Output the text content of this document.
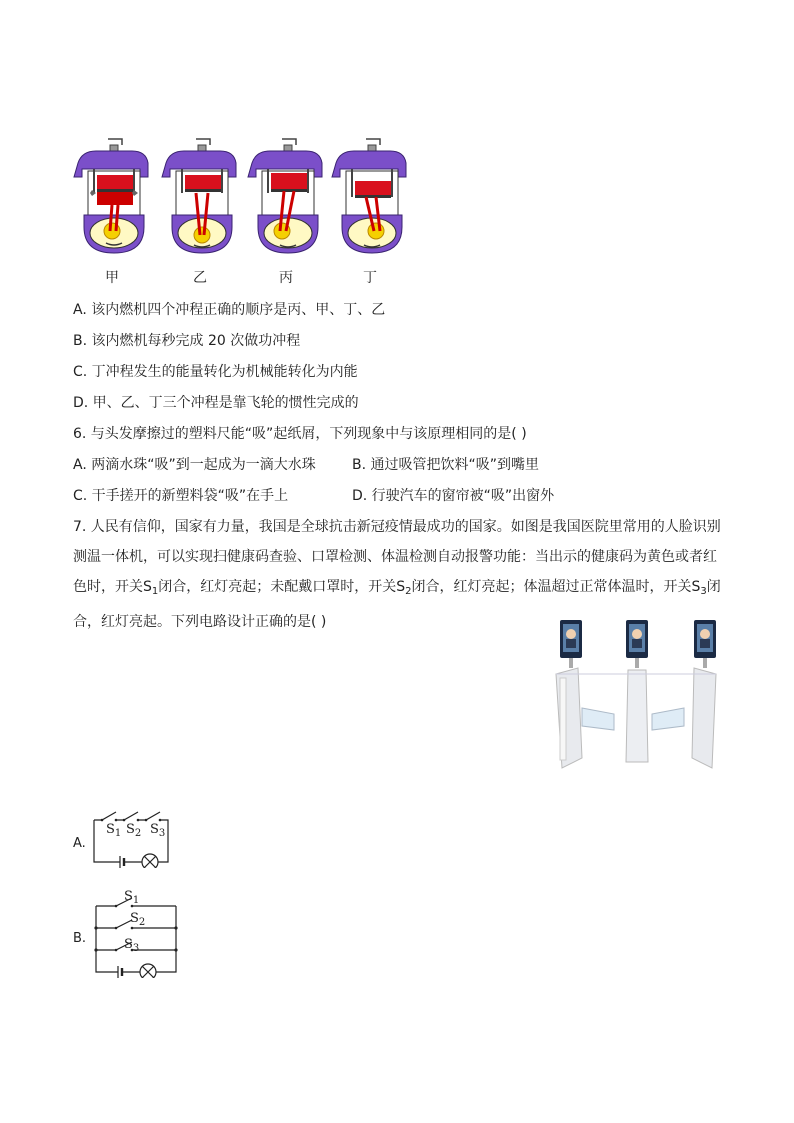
甲	乙	丙	丁
A. 该内燃机四个冲程正确的顺序是丙、甲、丁、乙
B. 该内燃机每秒完成 20 次做功冲程
C. 丁冲程发生的能量转化为机械能转化为内能
D. 甲、乙、丁三个冲程是靠飞轮的惯性完成的
6. 与头发摩擦过的塑料尺能“吸”起纸屑，下列现象中与该原理相同的是( )
A. 两滴水珠“吸”到一起成为一滴大水珠	B. 通过吸管把饮料“吸”到嘴里
C. 干手搓开的新塑料袋“吸”在手上	D. 行驶汽车的窗帘被“吸”出窗外
7. 人民有信仰，国家有力量，我国是全球抗击新冠疫情最成功的国家。如图是我国医院里常用的人脸识别
测温一体机，可以实现扫健康码查验、口罩检测、体温检测自动报警功能：当出示的健康码为黄色或者红
色时，开关$S_1$闭合，红灯亮起；未配戴口罩时，开关$S_2$闭合，红灯亮起；体温超过正常体温时，开关$S_3$闭
合，红灯亮起。下列电路设计正确的是( )
A.
$S_1$ $S_2$ $S_3$
B.
$S_1$
$S_2$
$S_3$
